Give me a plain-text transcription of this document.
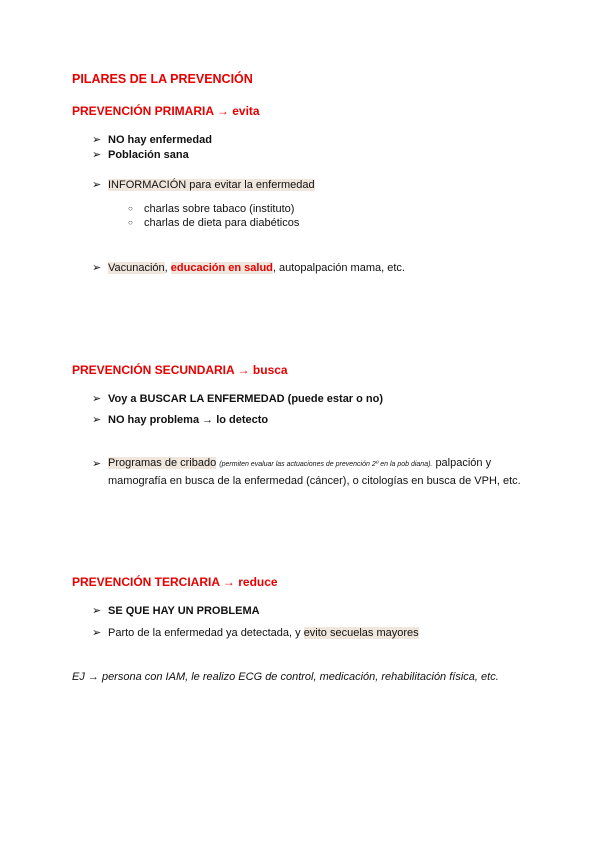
PILARES DE LA PREVENCIÓN
PREVENCIÓN PRIMARIA → evita
➢ NO hay enfermedad
➢ Población sana
➢ INFORMACIÓN para evitar la enfermedad
○ charlas sobre tabaco (instituto)
○ charlas de dieta para diabéticos
➢ Vacunación, educación en salud, autopalpación mama, etc.
PREVENCIÓN SECUNDARIA → busca
➢ Voy a BUSCAR LA ENFERMEDAD (puede estar o no)
➢ NO hay problema → lo detecto
➢ Programas de cribado (permiten evaluar las actuaciones de prevención 2º en la pob diana). palpación y mamografía en busca de la enfermedad (cáncer), o citologías en busca de VPH, etc.
PREVENCIÓN TERCIARIA → reduce
➢ SE QUE HAY UN PROBLEMA
➢ Parto de la enfermedad ya detectada, y evito secuelas mayores
EJ → persona con IAM, le realizo ECG de control, medicación, rehabilitación física, etc.
